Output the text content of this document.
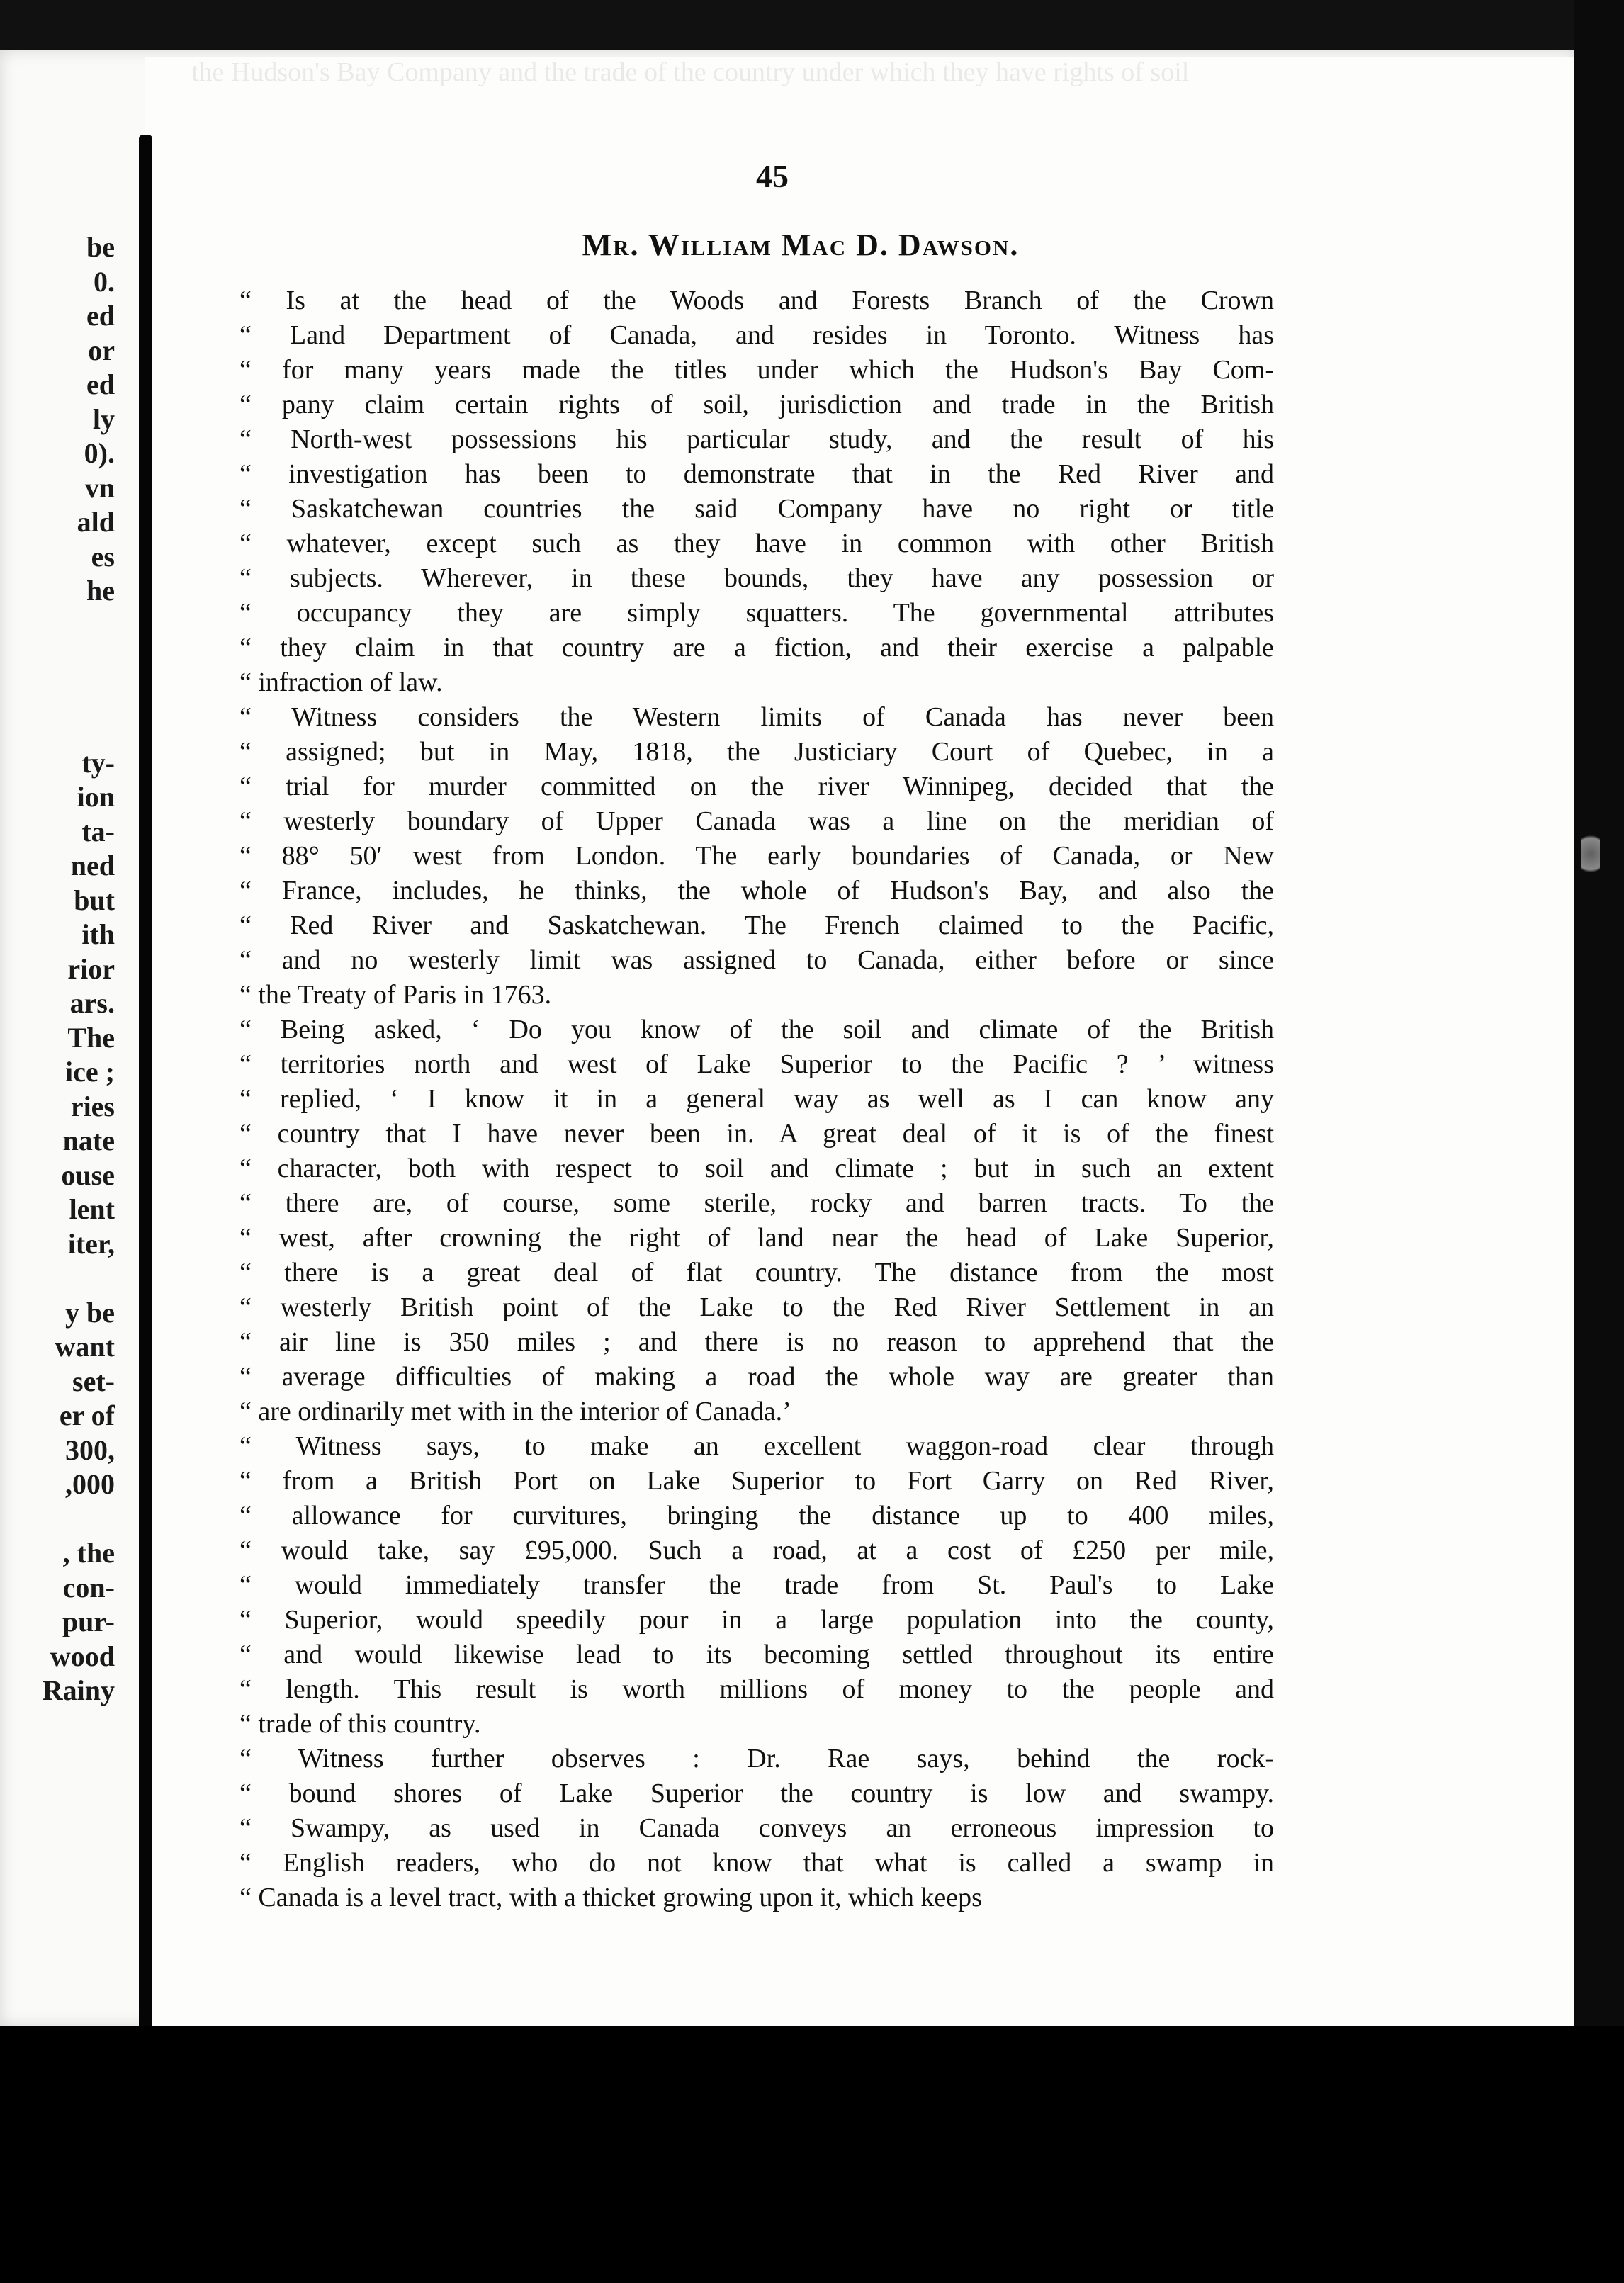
the Hudson's Bay Company and the trade of the country under which they have rights of soil
be
0.
ed
or
ed
ly
0).
vn
ald
es
he
ty-
ion
ta-
ned
but
ith
rior
ars.
The
ice ;
ries
nate
ouse
lent
iter,
y be
want
set-
er of
300,
,000
, the
con-
pur-
wood
Rainy
45
Mr. William Mac D. Dawson.
“ Is at the head of the Woods and Forests Branch of the Crown
“ Land Department of Canada, and resides in Toronto. Witness has
“ for many years made the titles under which the Hudson's Bay Com-
“ pany claim certain rights of soil, jurisdiction and trade in the British
“ North-west possessions his particular study, and the result of his
“ investigation has been to demonstrate that in the Red River and
“ Saskatchewan countries the said Company have no right or title
“ whatever, except such as they have in common with other British
“ subjects. Wherever, in these bounds, they have any possession or
“ occupancy they are simply squatters. The governmental attributes
“ they claim in that country are a fiction, and their exercise a palpable
“ infraction of law.
“ Witness considers the Western limits of Canada has never been
“ assigned; but in May, 1818, the Justiciary Court of Quebec, in a
“ trial for murder committed on the river Winnipeg, decided that the
“ westerly boundary of Upper Canada was a line on the meridian of
“ 88° 50′ west from London. The early boundaries of Canada, or New
“ France, includes, he thinks, the whole of Hudson's Bay, and also the
“ Red River and Saskatchewan. The French claimed to the Pacific,
“ and no westerly limit was assigned to Canada, either before or since
“ the Treaty of Paris in 1763.
“ Being asked, ‘ Do you know of the soil and climate of the British
“ territories north and west of Lake Superior to the Pacific ? ’ witness
“ replied, ‘ I know it in a general way as well as I can know any
“ country that I have never been in. A great deal of it is of the finest
“ character, both with respect to soil and climate ; but in such an extent
“ there are, of course, some sterile, rocky and barren tracts. To the
“ west, after crowning the right of land near the head of Lake Superior,
“ there is a great deal of flat country. The distance from the most
“ westerly British point of the Lake to the Red River Settlement in an
“ air line is 350 miles ; and there is no reason to apprehend that the
“ average difficulties of making a road the whole way are greater than
“ are ordinarily met with in the interior of Canada.’
“ Witness says, to make an excellent waggon-road clear through
“ from a British Port on Lake Superior to Fort Garry on Red River,
“ allowance for curvitures, bringing the distance up to 400 miles,
“ would take, say £95,000. Such a road, at a cost of £250 per mile,
“ would immediately transfer the trade from St. Paul's to Lake
“ Superior, would speedily pour in a large population into the county,
“ and would likewise lead to its becoming settled throughout its entire
“ length. This result is worth millions of money to the people and
“ trade of this country.
“ Witness further observes : Dr. Rae says, behind the rock-
“ bound shores of Lake Superior the country is low and swampy.
“ Swampy, as used in Canada conveys an erroneous impression to
“ English readers, who do not know that what is called a swamp in
“ Canada is a level tract, with a thicket growing upon it, which keeps
